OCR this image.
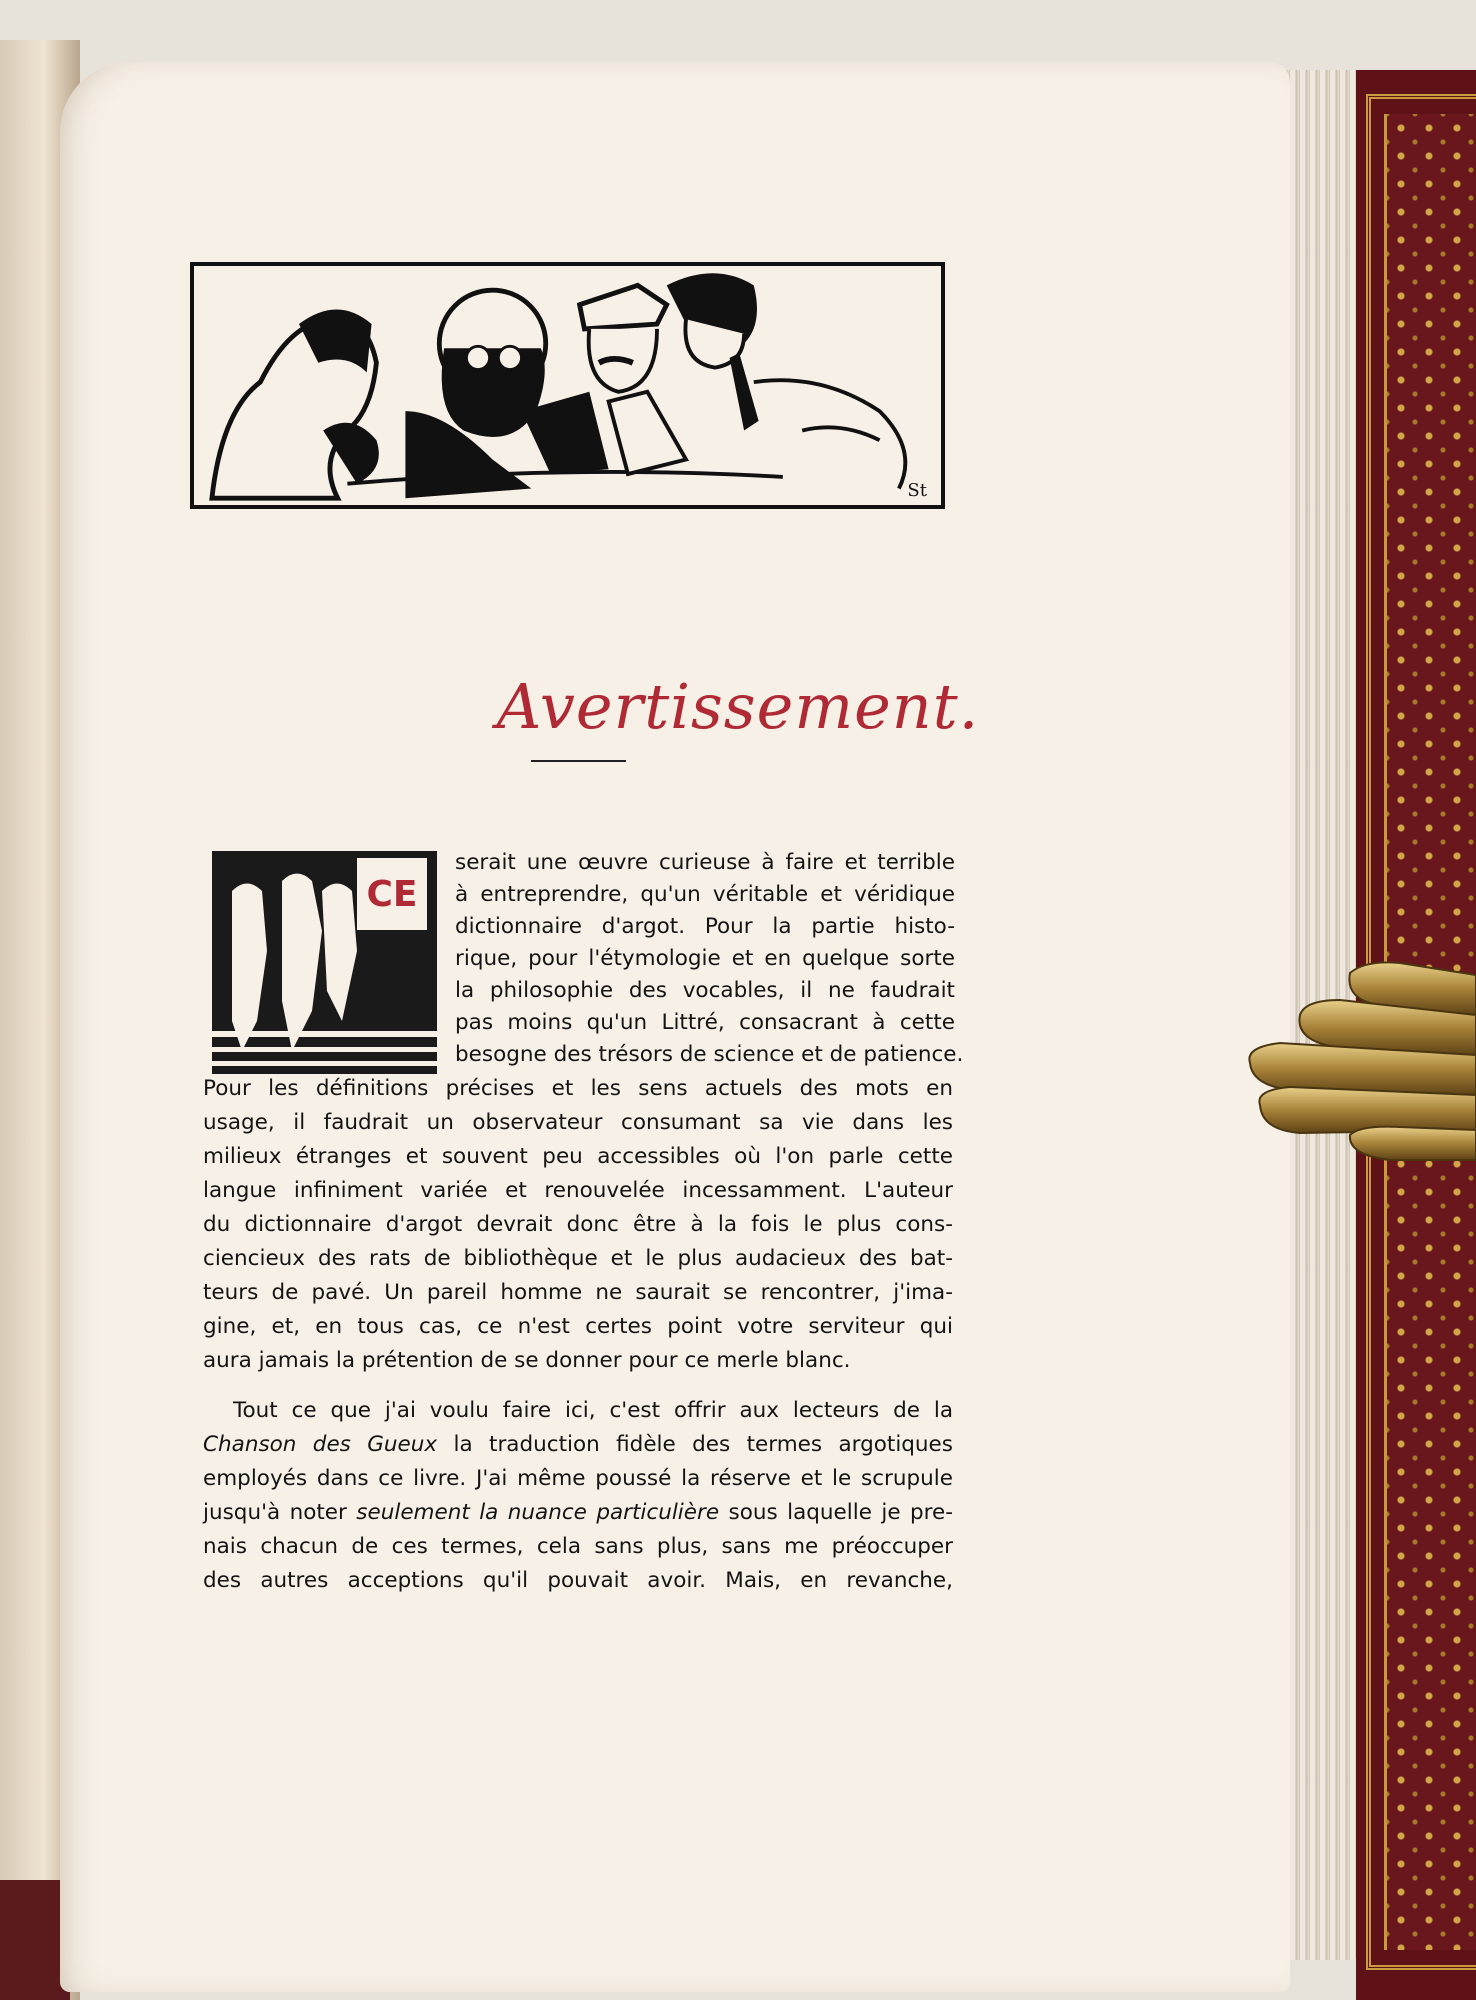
St
Avertissement.
CE
serait une œuvre curieuse à faire et terrible
à entreprendre, qu'un véritable et véridique
dictionnaire d'argot. Pour la partie histo-
rique, pour l'étymologie et en quelque sorte
la philosophie des vocables, il ne faudrait
pas moins qu'un Littré, consacrant à cette
besogne des trésors de science et de patience.
Pour les définitions précises et les sens actuels des mots en
usage, il faudrait un observateur consumant sa vie dans les
milieux étranges et souvent peu accessibles où l'on parle cette
langue infiniment variée et renouvelée incessamment. L'auteur
du dictionnaire d'argot devrait donc être à la fois le plus cons-
ciencieux des rats de bibliothèque et le plus audacieux des bat-
teurs de pavé. Un pareil homme ne saurait se rencontrer, j'ima-
gine, et, en tous cas, ce n'est certes point votre serviteur qui
aura jamais la prétention de se donner pour ce merle blanc.
Tout ce que j'ai voulu faire ici, c'est offrir aux lecteurs de la
Chanson des Gueux la traduction fidèle des termes argotiques
employés dans ce livre. J'ai même poussé la réserve et le scrupule
jusqu'à noter seulement la nuance particulière sous laquelle je pre-
nais chacun de ces termes, cela sans plus, sans me préoccuper
des autres acceptions qu'il pouvait avoir. Mais, en revanche,
